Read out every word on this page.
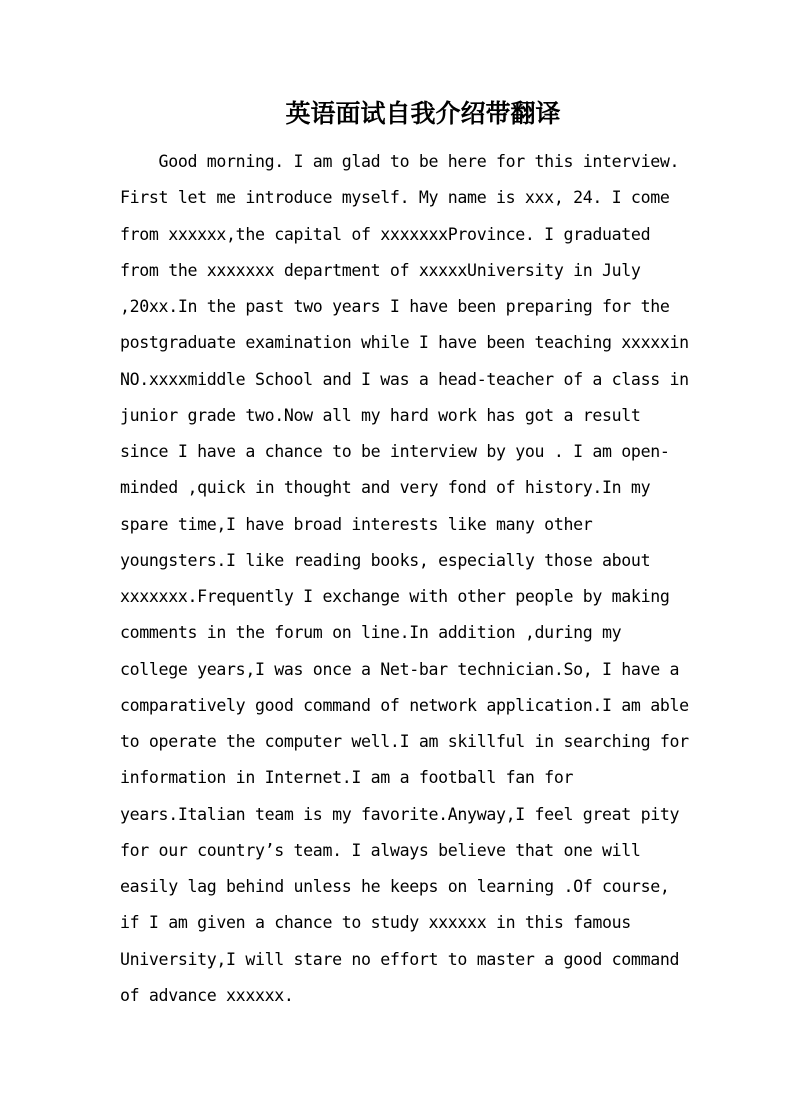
英语面试自我介绍带翻译
Good morning. I am glad to be here for this interview.
First let me introduce myself. My name is xxx, 24. I come
from xxxxxx,the capital of xxxxxxxProvince. I graduated
from the xxxxxxx department of xxxxxUniversity in July
,20xx.In the past two years I have been preparing for the
postgraduate examination while I have been teaching xxxxxin
NO.xxxxmiddle School and I was a head-teacher of a class in
junior grade two.Now all my hard work has got a result
since I have a chance to be interview by you . I am open-
minded ,quick in thought and very fond of history.In my
spare time,I have broad interests like many other
youngsters.I like reading books, especially those about
xxxxxxx.Frequently I exchange with other people by making
comments in the forum on line.In addition ,during my
college years,I was once a Net-bar technician.So, I have a
comparatively good command of network application.I am able
to operate the computer well.I am skillful in searching for
information in Internet.I am a football fan for
years.Italian team is my favorite.Anyway,I feel great pity
for our country’s team. I always believe that one will
easily lag behind unless he keeps on learning .Of course,
if I am given a chance to study xxxxxx in this famous
University,I will stare no effort to master a good command
of advance xxxxxx.
